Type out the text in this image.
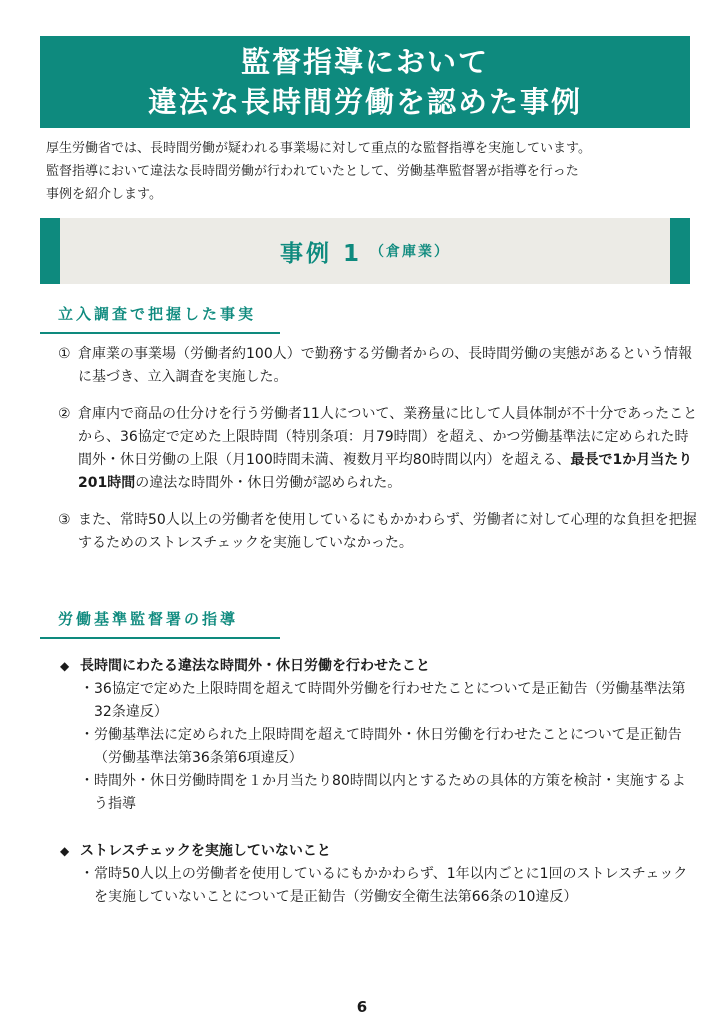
監督指導において
違法な長時間労働を認めた事例
厚生労働省では、長時間労働が疑われる事業場に対して重点的な監督指導を実施しています。
監督指導において違法な長時間労働が行われていたとして、労働基準監督署が指導を行った
事例を紹介します。
事例 1 （倉庫業）
立入調査で把握した事実
① 倉庫業の事業場（労働者約100人）で勤務する労働者からの、長時間労働の実態があるという情報に基づき、立入調査を実施した。
② 倉庫内で商品の仕分けを行う労働者11人について、業務量に比して人員体制が不十分であったことから、36協定で定めた上限時間（特別条項：月79時間）を超え、かつ労働基準法に定められた時間外・休日労働の上限（月100時間未満、複数月平均80時間以内）を超える、最長で1か月当たり201時間の違法な時間外・休日労働が認められた。
③ また、常時50人以上の労働者を使用しているにもかかわらず、労働者に対して心理的な負担を把握するためのストレスチェックを実施していなかった。
労働基準監督署の指導
◆ 長時間にわたる違法な時間外・休日労働を行わせたこと
・ 36協定で定めた上限時間を超えて時間外労働を行わせたことについて是正勧告（労働基準法第32条違反）
・ 労働基準法に定められた上限時間を超えて時間外・休日労働を行わせたことについて是正勧告（労働基準法第36条第6項違反）
・ 時間外・休日労働時間を１か月当たり80時間以内とするための具体的方策を検討・実施するよう指導
◆ ストレスチェックを実施していないこと
・ 常時50人以上の労働者を使用しているにもかかわらず、1年以内ごとに1回のストレスチェックを実施していないことについて是正勧告（労働安全衛生法第66条の10違反）
6
